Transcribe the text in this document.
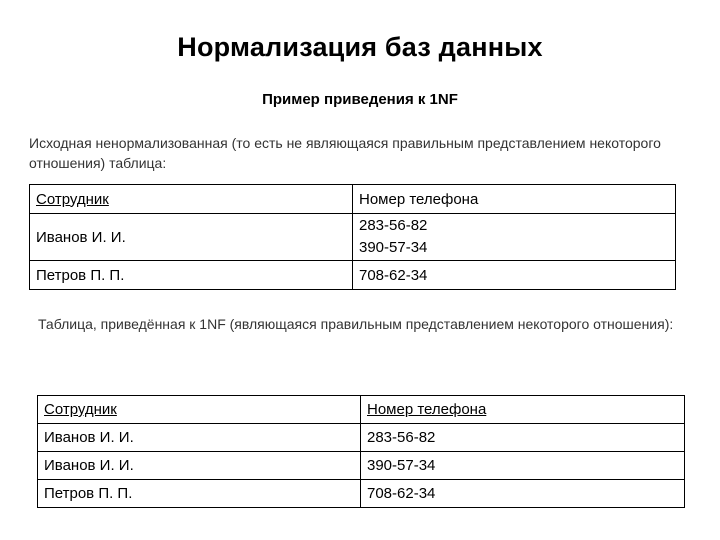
Нормализация баз данных
Пример приведения к 1NF
Исходная ненормализованная (то есть не являющаяся правильным представлением некоторого отношения) таблица:
Сотрудник	Номер телефона
Иванов И. И.	283-56-82
390-57-34

Петров П. П.	708-62-34
Таблица, приведённая к 1NF (являющаяся правильным представлением некоторого отношения):
Сотрудник	Номер телефона
Иванов И. И.	283-56-82
Иванов И. И.	390-57-34
Петров П. П.	708-62-34
